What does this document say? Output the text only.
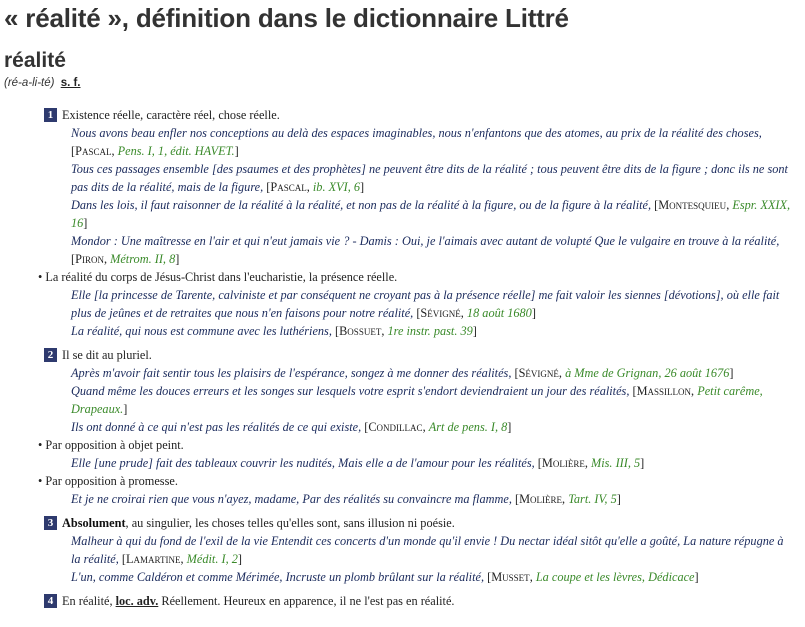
« réalité », définition dans le dictionnaire Littré
réalité
(ré-a-li-té) s. f.
1 Existence réelle, caractère réel, chose réelle.
Nous avons beau enfler nos conceptions au delà des espaces imaginables, nous n'enfantons que des atomes, au prix de la réalité des choses, [Pascal, Pens. I, 1, édit. HAVET.]
Tous ces passages ensemble [des psaumes et des prophètes] ne peuvent être dits de la réalité ; tous peuvent être dits de la figure ; donc ils ne sont pas dits de la réalité, mais de la figure, [Pascal, ib. XVI, 6]
Dans les lois, il faut raisonner de la réalité à la réalité, et non pas de la réalité à la figure, ou de la figure à la réalité, [Montesquieu, Espr. XXIX, 16]
Mondor : Une maîtresse en l'air et qui n'eut jamais vie ? - Damis : Oui, je l'aimais avec autant de volupté Que le vulgaire en trouve à la réalité, [Piron, Métrom. II, 8]
• La réalité du corps de Jésus-Christ dans l'eucharistie, la présence réelle.
Elle [la princesse de Tarente, calviniste et par conséquent ne croyant pas à la présence réelle] me fait valoir les siennes [dévotions], où elle fait plus de jeûnes et de retraites que nous n'en faisons pour notre réalité, [Sévigné, 18 août 1680]
La réalité, qui nous est commune avec les luthériens, [Bossuet, 1re instr. past. 39]
2 Il se dit au pluriel.
Après m'avoir fait sentir tous les plaisirs de l'espérance, songez à me donner des réalités, [Sévigné, à Mme de Grignan, 26 août 1676]
Quand même les douces erreurs et les songes sur lesquels votre esprit s'endort deviendraient un jour des réalités, [Massillon, Petit carême, Drapeaux.]
Ils ont donné à ce qui n'est pas les réalités de ce qui existe, [Condillac, Art de pens. I, 8]
• Par opposition à objet peint.
Elle [une prude] fait des tableaux couvrir les nudités, Mais elle a de l'amour pour les réalités, [Molière, Mis. III, 5]
• Par opposition à promesse.
Et je ne croirai rien que vous n'ayez, madame, Par des réalités su convaincre ma flamme, [Molière, Tart. IV, 5]
3 Absolument, au singulier, les choses telles qu'elles sont, sans illusion ni poésie.
Malheur à qui du fond de l'exil de la vie Entendit ces concerts d'un monde qu'il envie ! Du nectar idéal sitôt qu'elle a goûté, La nature répugne à la réalité, [Lamartine, Médit. I, 2]
L'un, comme Caldéron et comme Mérimée, Incruste un plomb brûlant sur la réalité, [Musset, La coupe et les lèvres, Dédicace]
4 En réalité, loc. adv. Réellement. Heureux en apparence, il ne l'est pas en réalité.
